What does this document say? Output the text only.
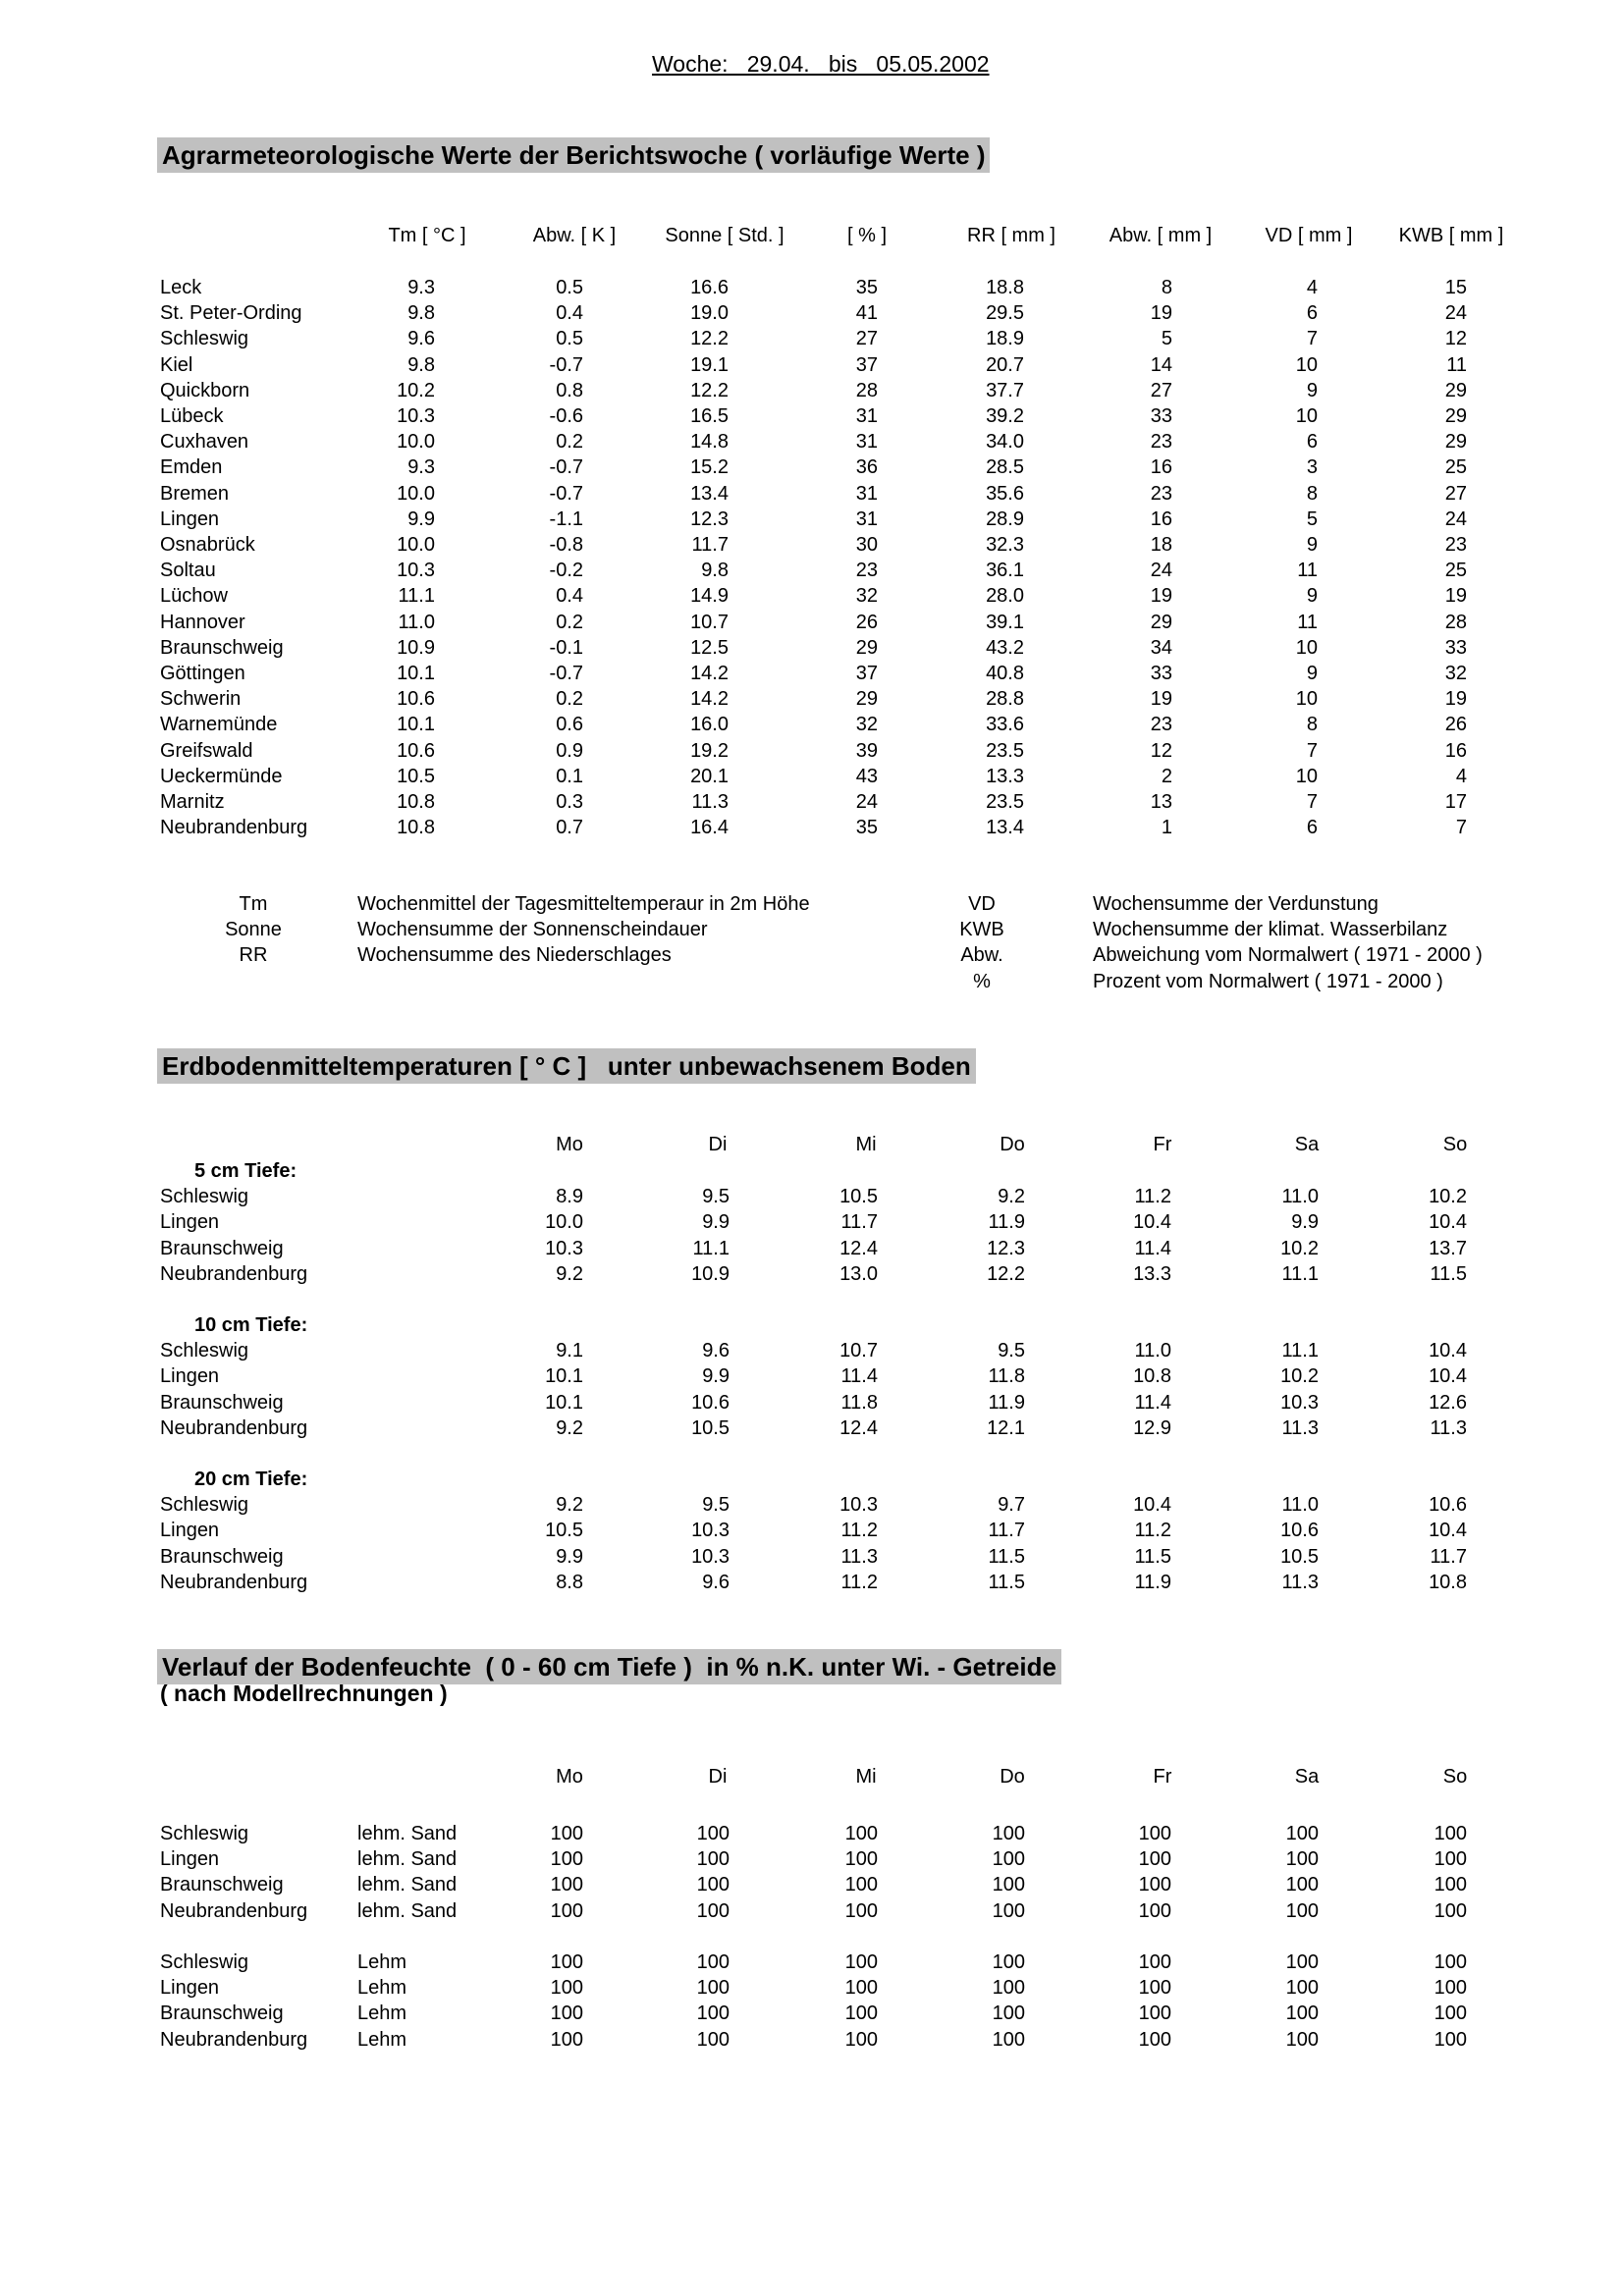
Woche:   29.04.   bis   05.05.2002
Agrarmeteorologische Werte der Berichtswoche ( vorläufige Werte )
Tm [ °C ]	Abw. [ K ]	Sonne [ Std. ]	[ % ]	RR [ mm ]	Abw. [ mm ]	VD [ mm ]	KWB [ mm ]
Leck	9.3	0.5	16.6	35	18.8	8	4	15
St. Peter-Ording	9.8	0.4	19.0	41	29.5	19	6	24
Schleswig	9.6	0.5	12.2	27	18.9	5	7	12
Kiel	9.8	-0.7	19.1	37	20.7	14	10	11
Quickborn	10.2	0.8	12.2	28	37.7	27	9	29
Lübeck	10.3	-0.6	16.5	31	39.2	33	10	29
Cuxhaven	10.0	0.2	14.8	31	34.0	23	6	29
Emden	9.3	-0.7	15.2	36	28.5	16	3	25
Bremen	10.0	-0.7	13.4	31	35.6	23	8	27
Lingen	9.9	-1.1	12.3	31	28.9	16	5	24
Osnabrück	10.0	-0.8	11.7	30	32.3	18	9	23
Soltau	10.3	-0.2	9.8	23	36.1	24	11	25
Lüchow	11.1	0.4	14.9	32	28.0	19	9	19
Hannover	11.0	0.2	10.7	26	39.1	29	11	28
Braunschweig	10.9	-0.1	12.5	29	43.2	34	10	33
Göttingen	10.1	-0.7	14.2	37	40.8	33	9	32
Schwerin	10.6	0.2	14.2	29	28.8	19	10	19
Warnemünde	10.1	0.6	16.0	32	33.6	23	8	26
Greifswald	10.6	0.9	19.2	39	23.5	12	7	16
Ueckermünde	10.5	0.1	20.1	43	13.3	2	10	4
Marnitz	10.8	0.3	11.3	24	23.5	13	7	17
Neubrandenburg	10.8	0.7	16.4	35	13.4	1	6	7
Tm	Wochenmittel der Tagesmitteltemperaur in 2m Höhe
Sonne	Wochensumme der Sonnenscheindauer
RR	Wochensumme des Niederschlages
VD	Wochensumme der Verdunstung
KWB	Wochensumme der klimat. Wasserbilanz
Abw.	Abweichung vom Normalwert ( 1971 - 2000 )
%	Prozent vom Normalwert ( 1971 - 2000 )
Erdbodenmitteltemperaturen [ ° C ]   unter unbewachsenem Boden
Mo	Di	Mi	Do	Fr	Sa	So
5 cm Tiefe:
Schleswig	8.9	9.5	10.5	9.2	11.2	11.0	10.2
Lingen	10.0	9.9	11.7	11.9	10.4	9.9	10.4
Braunschweig	10.3	11.1	12.4	12.3	11.4	10.2	13.7
Neubrandenburg	9.2	10.9	13.0	12.2	13.3	11.1	11.5
10 cm Tiefe:
Schleswig	9.1	9.6	10.7	9.5	11.0	11.1	10.4
Lingen	10.1	9.9	11.4	11.8	10.8	10.2	10.4
Braunschweig	10.1	10.6	11.8	11.9	11.4	10.3	12.6
Neubrandenburg	9.2	10.5	12.4	12.1	12.9	11.3	11.3
20 cm Tiefe:
Schleswig	9.2	9.5	10.3	9.7	10.4	11.0	10.6
Lingen	10.5	10.3	11.2	11.7	11.2	10.6	10.4
Braunschweig	9.9	10.3	11.3	11.5	11.5	10.5	11.7
Neubrandenburg	8.8	9.6	11.2	11.5	11.9	11.3	10.8
Verlauf der Bodenfeuchte  ( 0 - 60 cm Tiefe )  in % n.K. unter Wi. - Getreide
( nach Modellrechnungen )
Mo	Di	Mi	Do	Fr	Sa	So
Schleswig	lehm. Sand	100	100	100	100	100	100	100
Lingen	lehm. Sand	100	100	100	100	100	100	100
Braunschweig	lehm. Sand	100	100	100	100	100	100	100
Neubrandenburg	lehm. Sand	100	100	100	100	100	100	100
Schleswig	Lehm	100	100	100	100	100	100	100
Lingen	Lehm	100	100	100	100	100	100	100
Braunschweig	Lehm	100	100	100	100	100	100	100
Neubrandenburg	Lehm	100	100	100	100	100	100	100
